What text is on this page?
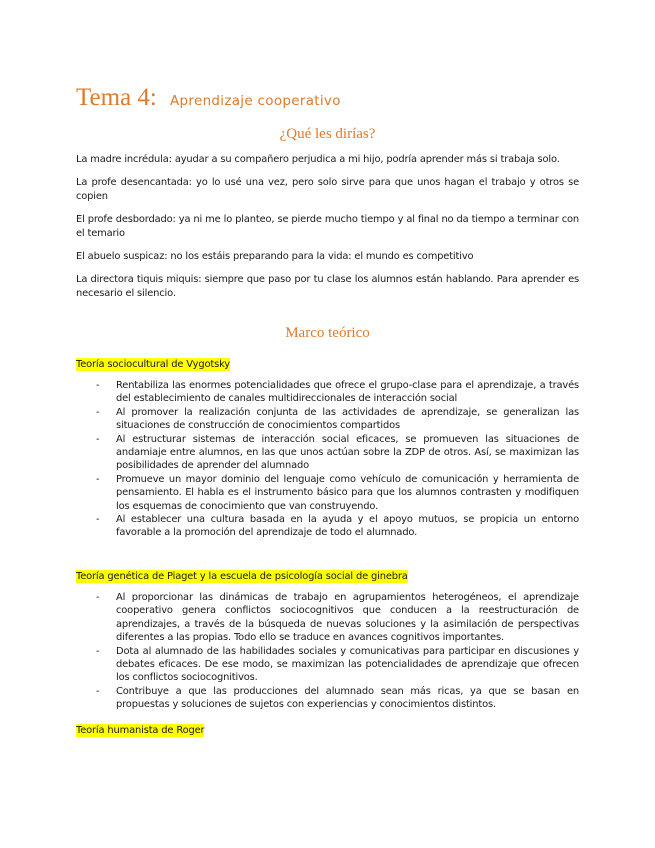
Tema 4: Aprendizaje cooperativo
¿Qué les dirías?

La madre incrédula: ayudar a su compañero perjudica a mi hijo, podría aprender más si trabaja solo.

La profe desencantada: yo lo usé una vez, pero solo sirve para que unos hagan el trabajo y otros se copien

El profe desbordado: ya ni me lo planteo, se pierde mucho tiempo y al final no da tiempo a terminar con el temario

El abuelo suspicaz: no los estáis preparando para la vida: el mundo es competitivo

La directora tiquis miquis: siempre que paso por tu clase los alumnos están hablando. Para aprender es necesario el silencio.

Marco teórico
Teoría sociocultural de Vygotsky
- Rentabiliza las enormes potencialidades que ofrece el grupo-clase para el aprendizaje, a través del establecimiento de canales multidireccionales de interacción social
- Al promover la realización conjunta de las actividades de aprendizaje, se generalizan las situaciones de construcción de conocimientos compartidos
- Al estructurar sistemas de interacción social eficaces, se promueven las situaciones de andamiaje entre alumnos, en las que unos actúan sobre la ZDP de otros. Así, se maximizan las posibilidades de aprender del alumnado
- Promueve un mayor dominio del lenguaje como vehículo de comunicación y herramienta de pensamiento. El habla es el instrumento básico para que los alumnos contrasten y modifiquen los esquemas de conocimiento que van construyendo.
- Al establecer una cultura basada en la ayuda y el apoyo mutuos, se propicia un entorno favorable a la promoción del aprendizaje de todo el alumnado.
Teoría genética de Piaget y la escuela de psicología social de ginebra
- Al proporcionar las dinámicas de trabajo en agrupamientos heterogéneos, el aprendizaje cooperativo genera conflictos sociocognitivos que conducen a la reestructuración de aprendizajes, a través de la búsqueda de nuevas soluciones y la asimilación de perspectivas diferentes a las propias. Todo ello se traduce en avances cognitivos importantes.
- Dota al alumnado de las habilidades sociales y comunicativas para participar en discusiones y debates eficaces. De ese modo, se maximizan las potencialidades de aprendizaje que ofrecen los conflictos sociocognitivos.
- Contribuye a que las producciones del alumnado sean más ricas, ya que se basan en propuestas y soluciones de sujetos con experiencias y conocimientos distintos.
Teoría humanista de Roger
